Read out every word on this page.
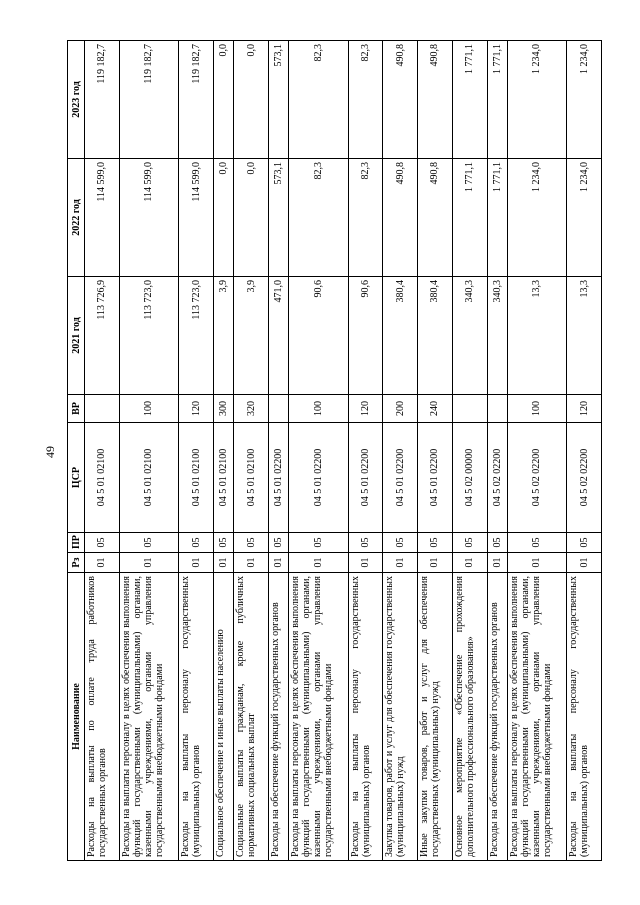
49
Наименование	Рз	ПР	ЦСР	ВР	2021 год	2022 год	2023 год
Расходы на выплаты по оплате труда работников государственных органов	01	05	04 5 01 02100		113 726,9	114 599,0	119 182,7
Расходы на выплаты персоналу в целях обеспечения выполнения функций государственными (муниципальными) органами, казенными учреждениями, органами управления государственными внебюджетными фондами	01	05	04 5 01 02100	100	113 723,0	114 599,0	119 182,7
Расходы на выплаты персоналу государственных (муниципальных) органов	01	05	04 5 01 02100	120	113 723,0	114 599,0	119 182,7
Социальное обеспечение и иные выплаты населению	01	05	04 5 01 02100	300	3,9	0,0	0,0
Социальные выплаты гражданам, кроме публичных нормативных социальных выплат	01	05	04 5 01 02100	320	3,9	0,0	0,0
Расходы на обеспечение функций государственных органов	01	05	04 5 01 02200		471,0	573,1	573,1
Расходы на выплаты персоналу в целях обеспечения выполнения функций государственными (муниципальными) органами, казенными учреждениями, органами управления государственными внебюджетными фондами	01	05	04 5 01 02200	100	90,6	82,3	82,3
Расходы на выплаты персоналу государственных (муниципальных) органов	01	05	04 5 01 02200	120	90,6	82,3	82,3
Закупка товаров, работ и услуг для обеспечения государственных (муниципальных) нужд	01	05	04 5 01 02200	200	380,4	490,8	490,8
Иные закупки товаров, работ и услуг для обеспечения государственных (муниципальных) нужд	01	05	04 5 01 02200	240	380,4	490,8	490,8
Основное мероприятие «Обеспечение прохождения дополнительного профессионального образования»	01	05	04 5 02 00000		340,3	1 771,1	1 771,1
Расходы на обеспечение функций государственных органов	01	05	04 5 02 02200		340,3	1 771,1	1 771,1
Расходы на выплаты персоналу в целях обеспечения выполнения функций государственными (муниципальными) органами, казенными учреждениями, органами управления государственными внебюджетными фондами	01	05	04 5 02 02200	100	13,3	1 234,0	1 234,0
Расходы на выплаты персоналу государственных (муниципальных) органов	01	05	04 5 02 02200	120	13,3	1 234,0	1 234,0
